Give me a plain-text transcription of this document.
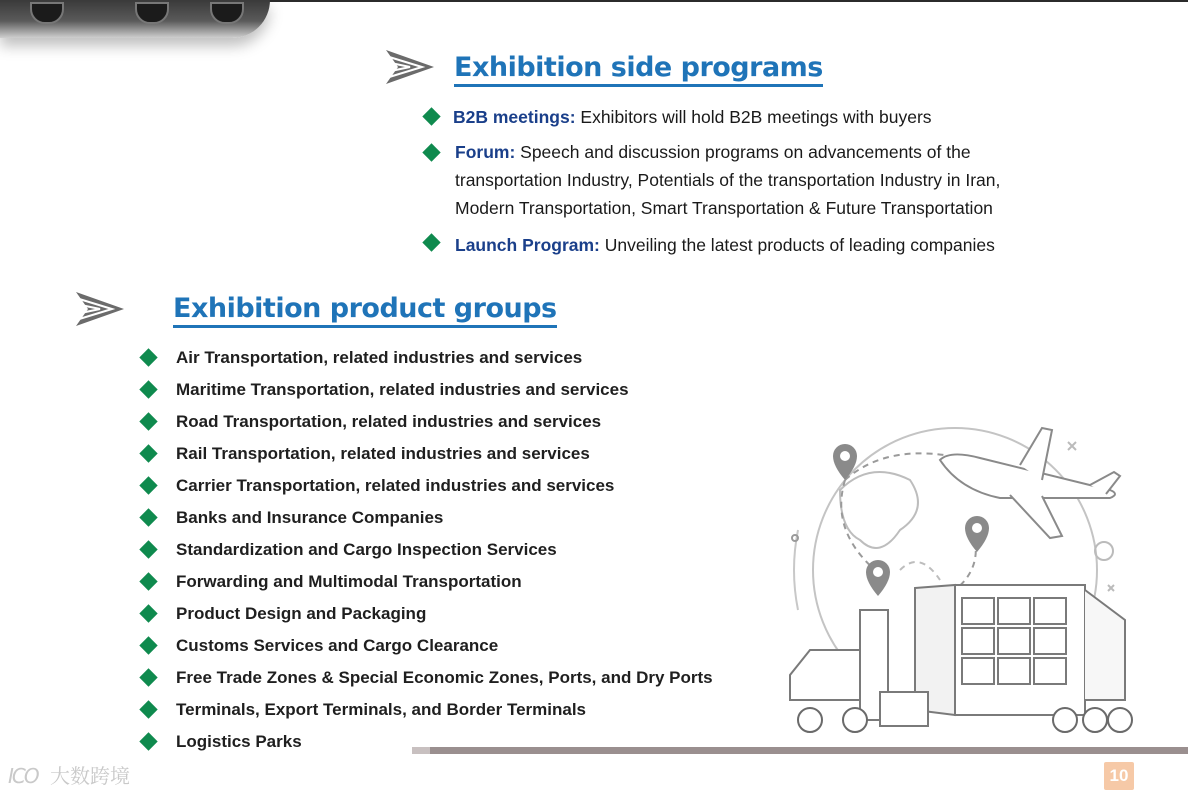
Exhibition side programs
B2B meetings: Exhibitors will hold B2B meetings with buyers
Forum: Speech and discussion programs on advancements of the transportation Industry, Potentials of the transportation Industry in Iran, Modern Transportation, Smart Transportation & Future Transportation
Launch Program: Unveiling the latest products of leading companies
Exhibition product groups
Air Transportation, related industries and services
Maritime Transportation, related industries and services
Road Transportation, related industries and services
Rail Transportation, related industries and services
Carrier Transportation, related industries and services
Banks and Insurance Companies
Standardization and Cargo Inspection Services
Forwarding and Multimodal Transportation
Product Design and Packaging
Customs Services and Cargo Clearance
Free Trade Zones & Special Economic Zones, Ports, and Dry Ports
Terminals, Export Terminals, and Border Terminals
Logistics Parks
ICO 大数跨境	10
